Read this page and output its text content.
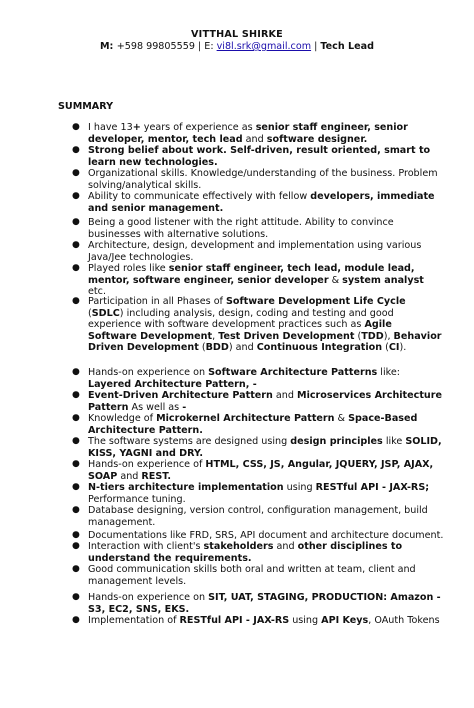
VITTHAL SHIRKE
M: +598 99805559 | E: vi8l.srk@gmail.com | Tech Lead
SUMMARY
● I have 13+ years of experience as senior staff engineer, senior developer, mentor, tech lead and software designer.
● Strong belief about work. Self-driven, result oriented, smart to learn new technologies.
● Organizational skills. Knowledge/understanding of the business. Problem solving/analytical skills.
● Ability to communicate effectively with fellow developers, immediate and senior management.
● Being a good listener with the right attitude. Ability to convince businesses with alternative solutions.
● Architecture, design, development and implementation using various Java/Jee technologies.
● Played roles like senior staff engineer, tech lead, module lead, mentor, software engineer, senior developer & system analyst etc.
● Participation in all Phases of Software Development Life Cycle (SDLC) including analysis, design, coding and testing and good experience with software development practices such as Agile Software Development, Test Driven Development (TDD), Behavior Driven Development (BDD) and Continuous Integration (CI).
● Hands-on experience on Software Architecture Patterns like: Layered Architecture Pattern, -
● Event-Driven Architecture Pattern and Microservices Architecture Pattern As well as -
● Knowledge of Microkernel Architecture Pattern & Space-Based Architecture Pattern.
● The software systems are designed using design principles like SOLID, KISS, YAGNI and DRY.
● Hands-on experience of HTML, CSS, JS, Angular, JQUERY, JSP, AJAX, SOAP and REST.
● N-tiers architecture implementation using RESTful API - JAX-RS; Performance tuning.
● Database designing, version control, configuration management, build management.
● Documentations like FRD, SRS, API document and architecture document.
● Interaction with client's stakeholders and other disciplines to understand the requirements.
● Good communication skills both oral and written at team, client and management levels.
● Hands-on experience on SIT, UAT, STAGING, PRODUCTION: Amazon - S3, EC2, SNS, EKS.
● Implementation of RESTful API - JAX-RS using API Keys, OAuth Tokens
